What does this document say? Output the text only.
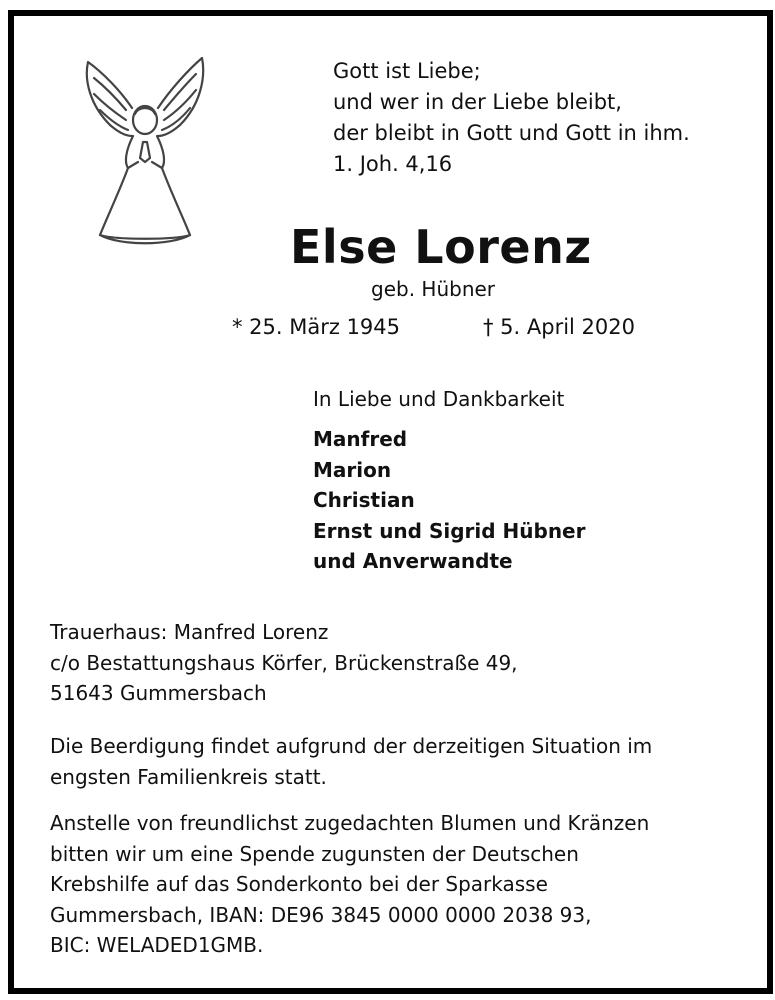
Gott ist Liebe;
und wer in der Liebe bleibt,
der bleibt in Gott und Gott in ihm.
1. Joh. 4,16
Else Lorenz
geb. Hübner
* 25. März 1945	† 5. April 2020
In Liebe und Dankbarkeit
Manfred
Marion
Christian
Ernst und Sigrid Hübner
und Anverwandte
Trauerhaus: Manfred Lorenz
c/o Bestattungshaus Körfer, Brückenstraße 49,
51643 Gummersbach
Die Beerdigung findet aufgrund der derzeitigen Situation im
engsten Familienkreis statt.
Anstelle von freundlichst zugedachten Blumen und Kränzen
bitten wir um eine Spende zugunsten der Deutschen
Krebshilfe auf das Sonderkonto bei der Sparkasse
Gummersbach, IBAN: DE96 3845 0000 0000 2038 93,
BIC: WELADED1GMB.
